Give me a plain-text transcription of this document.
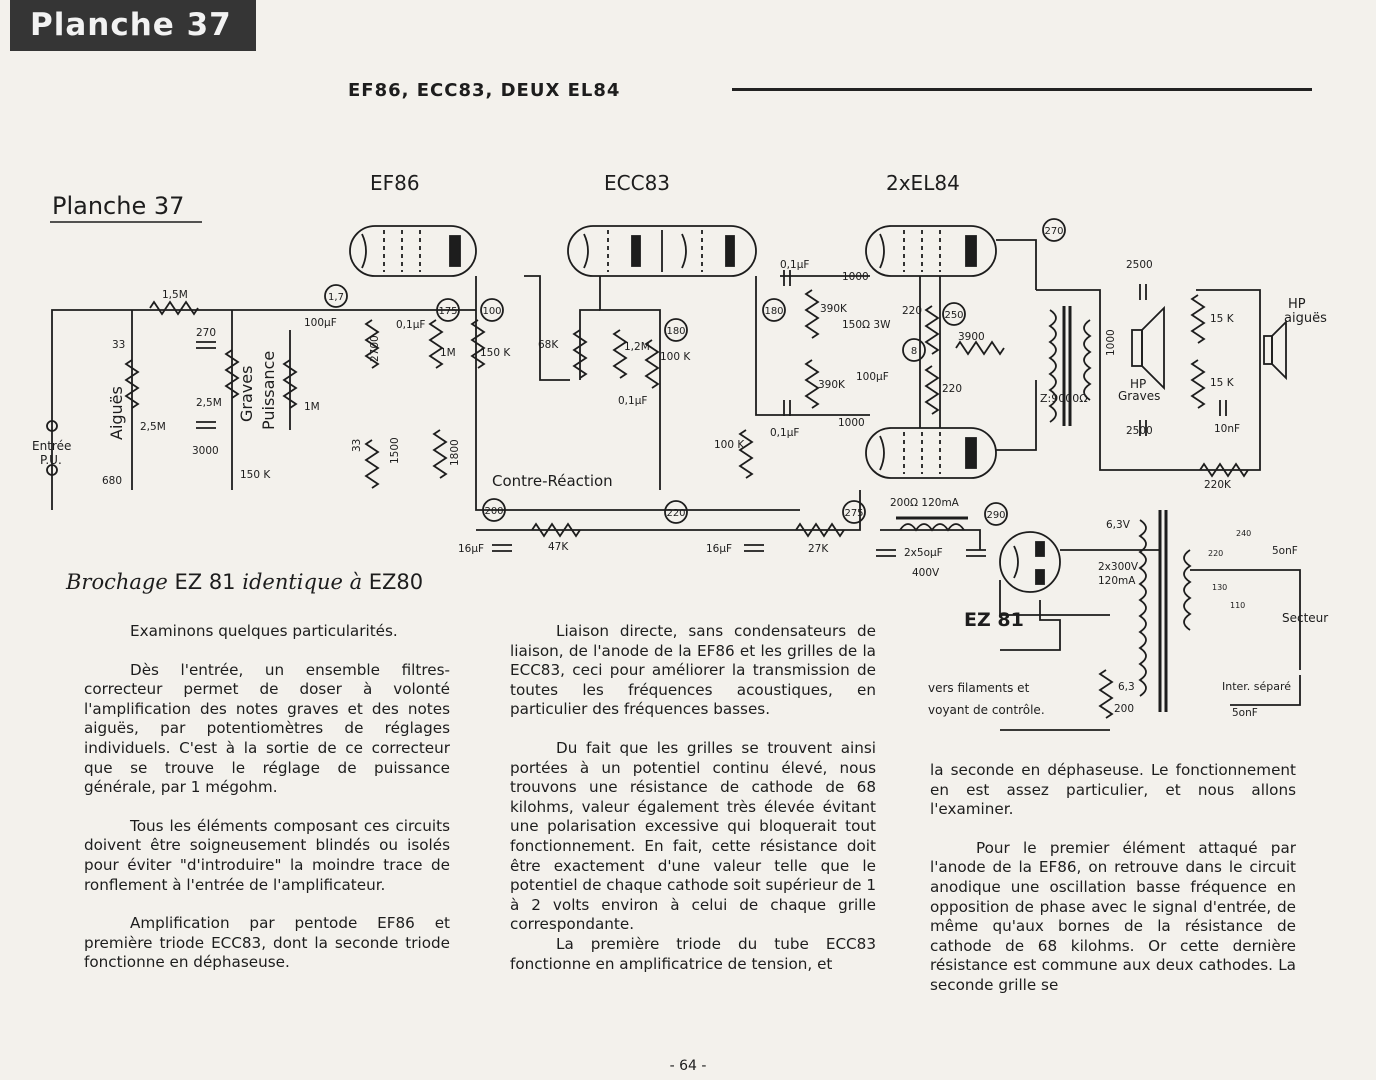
Planche 37
EF86, ECC83, DEUX EL84
Planche 37
EF86	ECC83	2xEL84
EZ 81
1,7
175 100
180
180
8
250
270
200	220	275	290
Entrée
P.U.
Aiguës	Graves Puissance
Contre-Réaction
HP
aiguës
HP
Graves
Z:9000Ω
Secteur
Inter. séparé
vers filaments et
voyant de contrôle.
1,5M
33
2,5M
680
270
2,5M
3000
150 K
1M
100µF
2700
0,1µF
1M 150 K
33 1500	1800
68K	1,2M
100 K
0,1µF
0,1µF
1000
390K
150Ω 3W
100µF
390K
1000
0,1µF
100 K
220
3900
220
2500
2500
15 K
15 K
10nF
220K
1000
16µF	47K	16µF	27K
200Ω 120mA
2x5oµF
400V
6,3V
2x300V
120mA
6,3
200
5onF
5onF
240
220
130
110
Brochage EZ 81 identique à EZ80

Examinons quelques particularités.

Dès l'entrée, un ensemble filtres-correcteur permet de doser à volonté l'amplification des notes graves et des notes aiguës, par potentiomètres de réglages individuels. C'est à la sortie de ce correcteur que se trouve le réglage de puissance générale, par 1 mégohm.

Tous les éléments composant ces circuits doivent être soigneusement blindés ou isolés pour éviter "d'introduire" la moindre trace de ronflement à l'entrée de l'amplificateur.

Amplification par pentode EF86 et première triode ECC83, dont la seconde triode fonctionne en déphaseuse.

Liaison directe, sans condensateurs de liaison, de l'anode de la EF86 et les grilles de la ECC83, ceci pour améliorer la transmission de toutes les fréquences acoustiques, en particulier des fréquences basses.

Du fait que les grilles se trouvent ainsi portées à un potentiel continu élevé, nous trouvons une résistance de cathode de 68 kilohms, valeur également très élevée évitant une polarisation excessive qui bloquerait tout fonctionnement. En fait, cette résistance doit être exactement d'une valeur telle que le potentiel de chaque cathode soit supérieur de 1 à 2 volts environ à celui de chaque grille correspondante.

La première triode du tube ECC83 fonctionne en amplificatrice de tension, et

la seconde en déphaseuse. Le fonctionnement en est assez particulier, et nous allons l'examiner.

Pour le premier élément attaqué par l'anode de la EF86, on retrouve dans le circuit anodique une oscillation basse fréquence en opposition de phase avec le signal d'entrée, de même qu'aux bornes de la résistance de cathode de 68 kilohms. Or cette dernière résistance est commune aux deux cathodes. La seconde grille se

- 64 -
